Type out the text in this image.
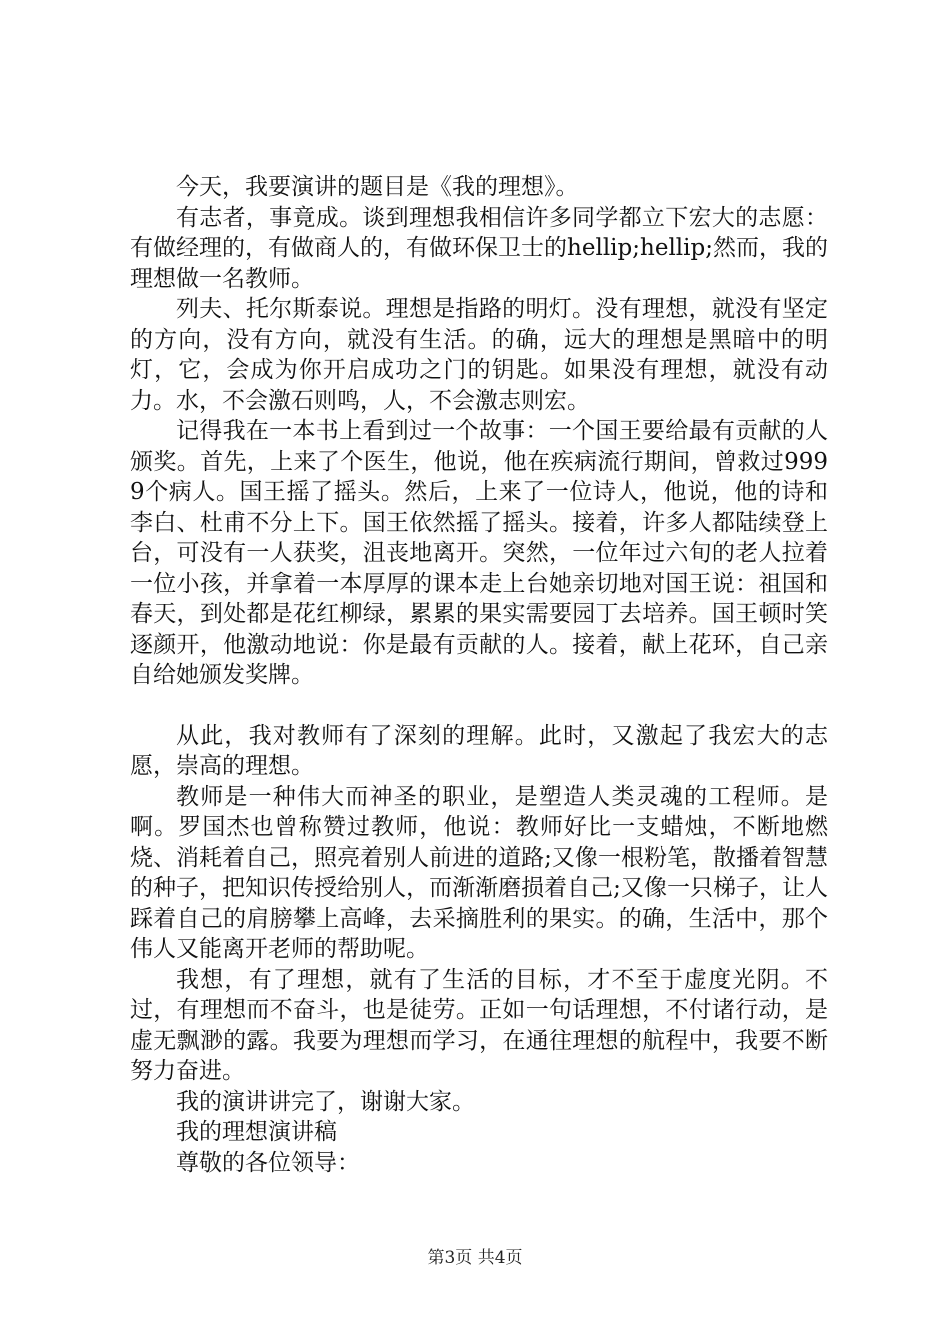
今天，我要演讲的题目是《我的理想》。

有志者，事竟成。谈到理想我相信许多同学都立下宏大的志愿：有做经理的，有做商人的，有做环保卫士的hellip;hellip;然而，我的理想做一名教师。

列夫、托尔斯泰说。理想是指路的明灯。没有理想，就没有坚定的方向，没有方向，就没有生活。的确，远大的理想是黑暗中的明灯，它，会成为你开启成功之门的钥匙。如果没有理想，就没有动力。水，不会激石则鸣，人，不会激志则宏。

记得我在一本书上看到过一个故事：一个国王要给最有贡献的人颁奖。首先，上来了个医生，他说，他在疾病流行期间，曾救过9999个病人。国王摇了摇头。然后，上来了一位诗人，他说，他的诗和李白、杜甫不分上下。国王依然摇了摇头。接着，许多人都陆续登上台，可没有一人获奖，沮丧地离开。突然，一位年过六旬的老人拉着一位小孩，并拿着一本厚厚的课本走上台她亲切地对国王说：祖国和春天，到处都是花红柳绿，累累的果实需要园丁去培养。国王顿时笑逐颜开，他激动地说：你是最有贡献的人。接着，献上花环，自己亲自给她颁发奖牌。

从此，我对教师有了深刻的理解。此时，又激起了我宏大的志愿，崇高的理想。

教师是一种伟大而神圣的职业，是塑造人类灵魂的工程师。是啊。罗国杰也曾称赞过教师，他说：教师好比一支蜡烛，不断地燃烧、消耗着自己，照亮着别人前进的道路;又像一根粉笔，散播着智慧的种子，把知识传授给别人，而渐渐磨损着自己;又像一只梯子，让人踩着自己的肩膀攀上高峰，去采摘胜利的果实。的确，生活中，那个伟人又能离开老师的帮助呢。

我想，有了理想，就有了生活的目标，才不至于虚度光阴。不过，有理想而不奋斗，也是徒劳。正如一句话理想，不付诸行动，是虚无飘渺的露。我要为理想而学习，在通往理想的航程中，我要不断努力奋进。

我的演讲讲完了，谢谢大家。

我的理想演讲稿

尊敬的各位领导：

第3页 共4页
